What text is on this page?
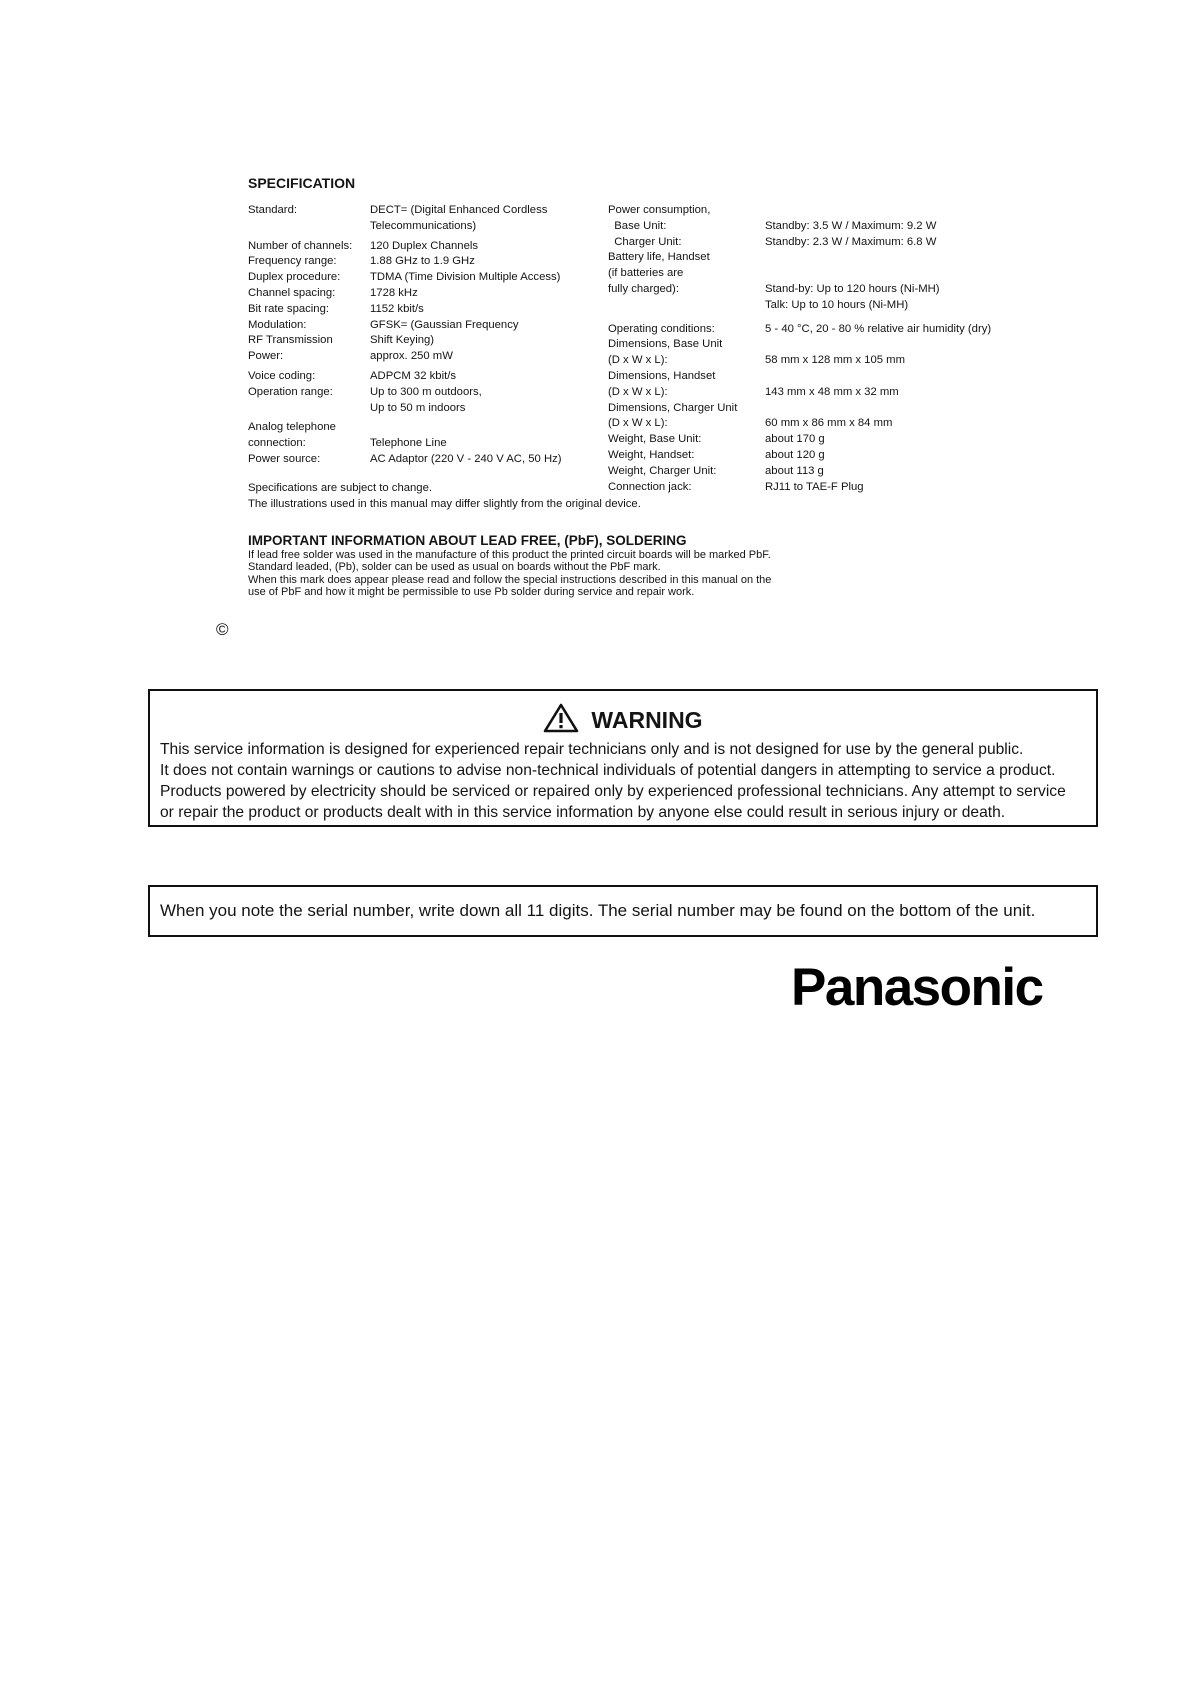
SPECIFICATION
Standard:	DECT= (Digital Enhanced Cordless
Telecommunications)
Number of channels:	120 Duplex Channels
Frequency range:	1.88 GHz to 1.9 GHz
Duplex procedure:	TDMA (Time Division Multiple Access)
Channel spacing:	1728 kHz
Bit rate spacing:	1152 kbit/s
Modulation:	GFSK= (Gaussian Frequency
RF Transmission	Shift Keying)
Power:	approx. 250 mW
Voice coding:	ADPCM 32 kbit/s
Operation range:	Up to 300 m outdoors,
Up to 50 m indoors
Analog telephone
connection:	Telephone Line
Power source:	AC Adaptor (220 V - 240 V AC, 50 Hz)
Power consumption,
Base Unit:	Standby: 3.5 W / Maximum: 9.2 W
Charger Unit:	Standby: 2.3 W / Maximum: 6.8 W
Battery life, Handset
(if batteries are
fully charged):	Stand-by: Up to 120 hours (Ni-MH)
Talk: Up to 10 hours (Ni-MH)
Operating conditions:	5 - 40 °C, 20 - 80 % relative air humidity (dry)
Dimensions, Base Unit
(D x W x L):	58 mm x 128 mm x 105 mm
Dimensions, Handset
(D x W x L):	143 mm x 48 mm x 32 mm
Dimensions, Charger Unit
(D x W x L):	60 mm x 86 mm x 84 mm
Weight, Base Unit:	about 170 g
Weight, Handset:	about 120 g
Weight, Charger Unit:	about 113 g
Connection jack:	RJ11 to TAE-F Plug
Specifications are subject to change.
The illustrations used in this manual may differ slightly from the original device.
IMPORTANT INFORMATION ABOUT LEAD FREE, (PbF), SOLDERING
If lead free solder was used in the manufacture of this product the printed circuit boards will be marked PbF.
Standard leaded, (Pb), solder can be used as usual on boards without the PbF mark.
When this mark does appear please read and follow the special instructions described in this manual on the
use of PbF and how it might be permissible to use Pb solder during service and repair work.
©
WARNING
This service information is designed for experienced repair technicians only and is not designed for use by the general public.
It does not contain warnings or cautions to advise non-technical individuals of potential dangers in attempting to service a product.
Products powered by electricity should be serviced or repaired only by experienced professional technicians. Any attempt to service
or repair the product or products dealt with in this service information by anyone else could result in serious injury or death.
When you note the serial number, write down all 11 digits. The serial number may be found on the bottom of the unit.
Panasonic
